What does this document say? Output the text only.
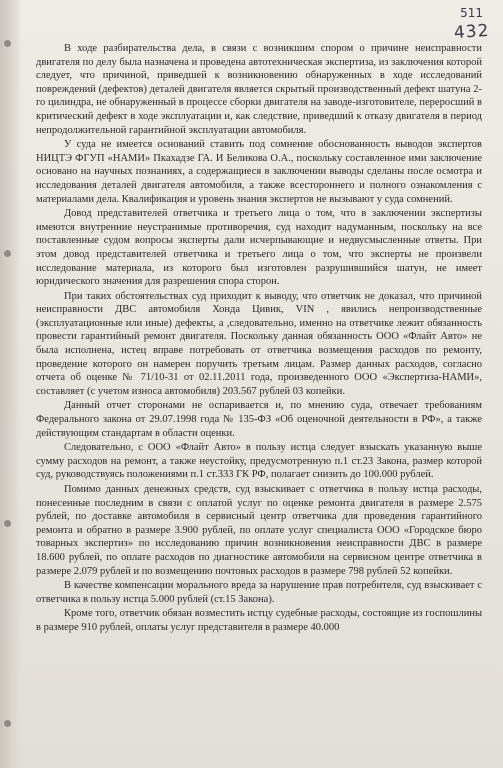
511
432

В ходе разбирательства дела, в связи с возникшим спором о причине неисправности двигателя по делу была назначена и проведена автотехническая экспертиза, из заключения которой следует, что причиной, приведшей к возникновению обнаруженных в ходе исследований повреждений (дефектов) деталей двигателя является скрытый производственный дефект шатуна 2-го цилиндра, не обнаруженный в процессе сборки двигателя на заводе-изготовителе, переросший в критический дефект в ходе эксплуатации и, как следствие, приведший к отказу двигателя в период непродолжительной гарантийной эксплуатации автомобиля.

У суда не имеется оснований ставить под сомнение обоснованность выводов экспертов НИЦТЭ ФГУП «НАМИ» Пкахадзе ГА. И Беликова О.А., поскольку составленное ими заключение основано на научных познаниях, а содержащиеся в заключении выводы сделаны после осмотра и исследования деталей двигателя автомобиля, а также всестороннего и полного ознакомления с материалами дела. Квалификация и уровень знания экспертов не вызывают у суда сомнений.

Довод представителей ответчика и третьего лица о том, что в заключении экспертизы имеются внутренние неустранимые противоречия, суд находит надуманным, поскольку на все поставленные судом вопросы эксперты дали исчерпывающие и недвусмысленные ответы. При этом довод представителей ответчика и третьего лица о том, что эксперты не произвели исследование материала, из которого был изготовлен разрушившийся шатун, не имеет юридического значения для разрешения спора сторон.

При таких обстоятельствах суд приходит к выводу, что ответчик не доказал, что причиной неисправности ДВС автомобиля Хонда Цивик, VIN , явились непроизводственные (эксплуатационные или иные) дефекты, а ,следовательно, именно на ответчике лежит обязанность провести гарантийный ремонт двигателя. Поскольку данная обязанность ООО «Флайт Авто» не была исполнена, истец вправе потребовать от ответчика возмещения расходов по ремонту, проведение которого он намерен поручить третьим лицам. Размер данных расходов, согласно отчета об оценке № 71/10-31 от 02.11.2011 года, произведенного ООО «Экспертиза-НАМИ», составляет (с учетом износа автомобиля) 203.567 рублей 03 копейки.

Данный отчет сторонами не оспаривается и, по мнению суда, отвечает требованиям Федерального закона от 29.07.1998 года № 135-ФЗ «Об оценочной деятельности в РФ», а также действующим стандартам в области оценки.

Следовательно, с ООО «Флайт Авто» в пользу истца следует взыскать указанную выше сумму расходов на ремонт, а также неустойку, предусмотренную п.1 ст.23 Закона, размер которой суд, руководствуясь положениями п.1 ст.333 ГК РФ, полагает снизить до 100.000 рублей.

Помимо данных денежных средств, суд взыскивает с ответчика в пользу истца расходы, понесенные последним в связи с оплатой услуг по оценке ремонта двигателя в размере 2.575 рублей, по доставке автомобиля в сервисный центр ответчика для проведения гарантийного ремонта и обратно в размере 3.900 рублей, по оплате услуг специалиста ООО «Городское бюро товарных экспертиз» по исследованию причин возникновения неисправности ДВС в размере 18.600 рублей, по оплате расходов по диагностике автомобиля на сервисном центре ответчика в размере 2.079 рублей и по возмещению почтовых расходов в размере 798 рублей 52 копейки.

В качестве компенсации морального вреда за нарушение прав потребителя, суд взыскивает с ответчика в пользу истца 5.000 рублей (ст.15 Закона).

Кроме того, ответчик обязан возместить истцу судебные расходы, состоящие из госпошлины в размере 910 рублей, оплаты услуг представителя в размере 40.000
